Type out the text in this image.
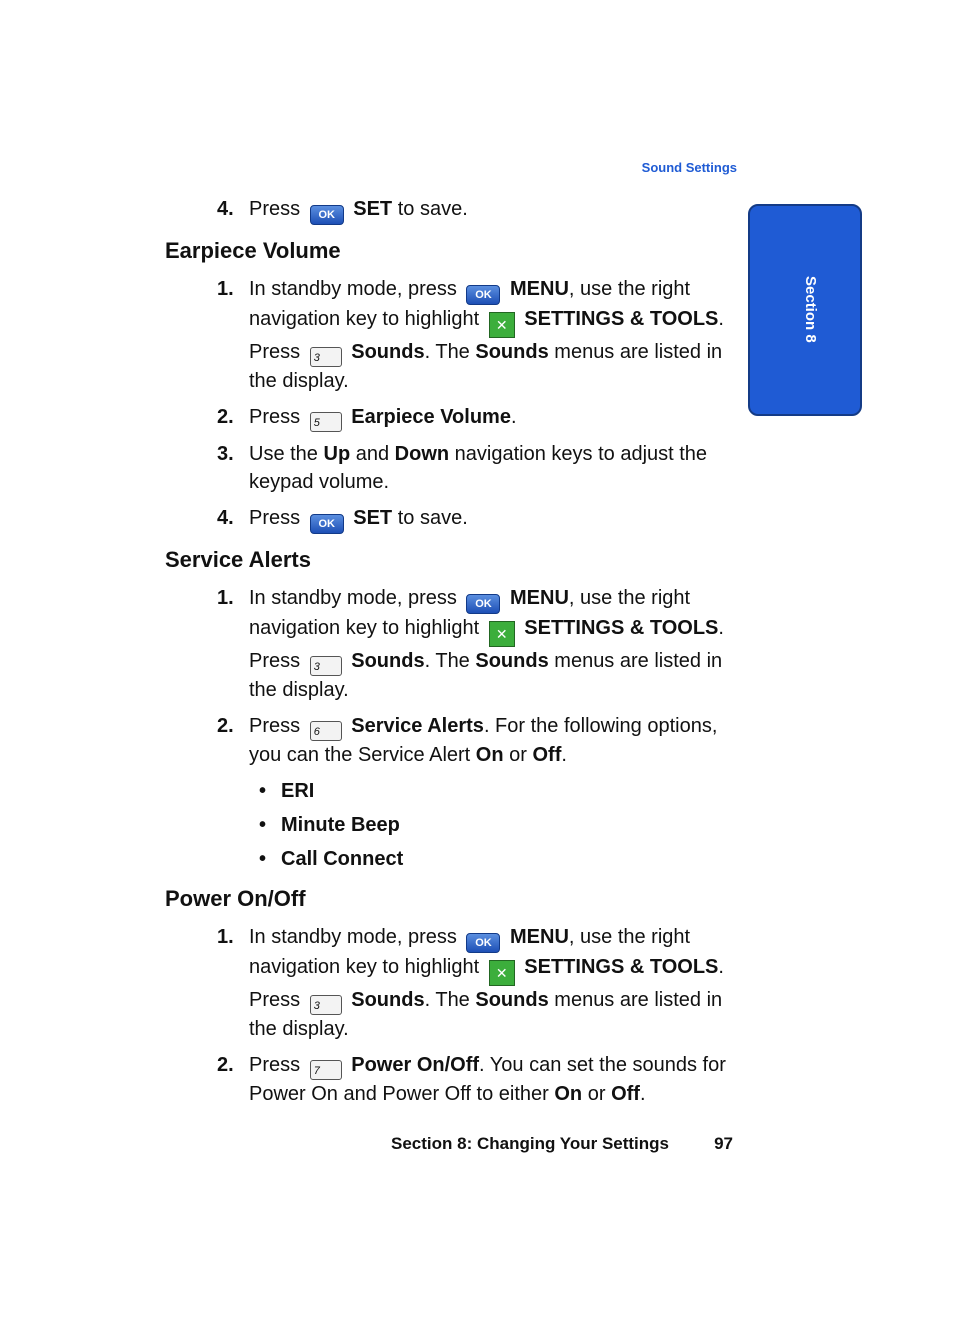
Sound Settings
Section 8
4. Press OK SET to save.
Earpiece Volume
1. In standby mode, press OK MENU, use the right navigation key to highlight ✕ SETTINGS & TOOLS. Press 3 Sounds. The Sounds menus are listed in the display.
2. Press 5 Earpiece Volume.
3. Use the Up and Down navigation keys to adjust the keypad volume.
4. Press OK SET to save.
Service Alerts
1. In standby mode, press OK MENU, use the right navigation key to highlight ✕ SETTINGS & TOOLS. Press 3 Sounds. The Sounds menus are listed in the display.
2. Press 6 Service Alerts. For the following options, you can the Service Alert On or Off.
• ERI
• Minute Beep
• Call Connect
Power On/Off
1. In standby mode, press OK MENU, use the right navigation key to highlight ✕ SETTINGS & TOOLS. Press 3 Sounds. The Sounds menus are listed in the display.
2. Press 7 Power On/Off. You can set the sounds for Power On and Power Off to either On or Off.
Section 8: Changing Your Settings	97
